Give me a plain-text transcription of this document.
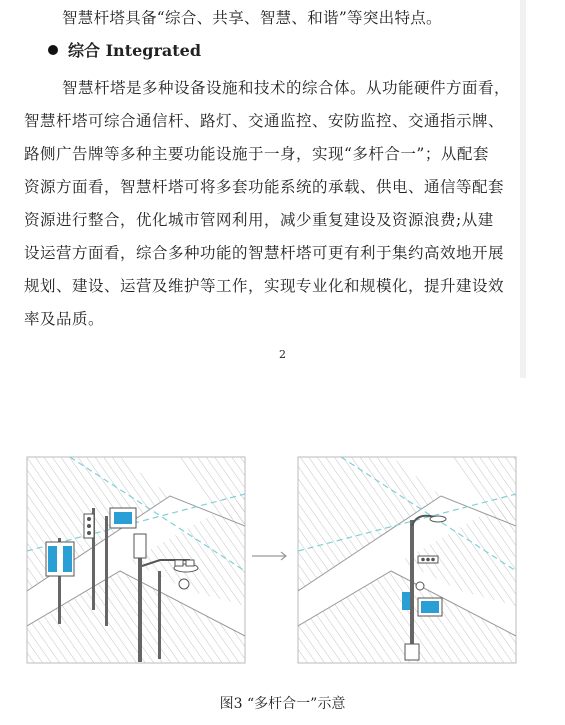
智慧杆塔具备“综合、共享、智慧、和谐”等突出特点。
综合 Integrated
智慧杆塔是多种设备设施和技术的综合体。从功能硬件方面看，
智慧杆塔可综合通信杆、路灯、交通监控、安防监控、交通指示牌、
路侧广告牌等多种主要功能设施于一身，实现“多杆合一”；从配套
资源方面看，智慧杆塔可将多套功能系统的承载、供电、通信等配套
资源进行整合，优化城市管网利用，减少重复建设及资源浪费;从建
设运营方面看，综合多种功能的智慧杆塔可更有利于集约高效地开展
规划、建设、运营及维护等工作，实现专业化和规模化，提升建设效
率及品质。
2
图3 “多杆合一”示意
